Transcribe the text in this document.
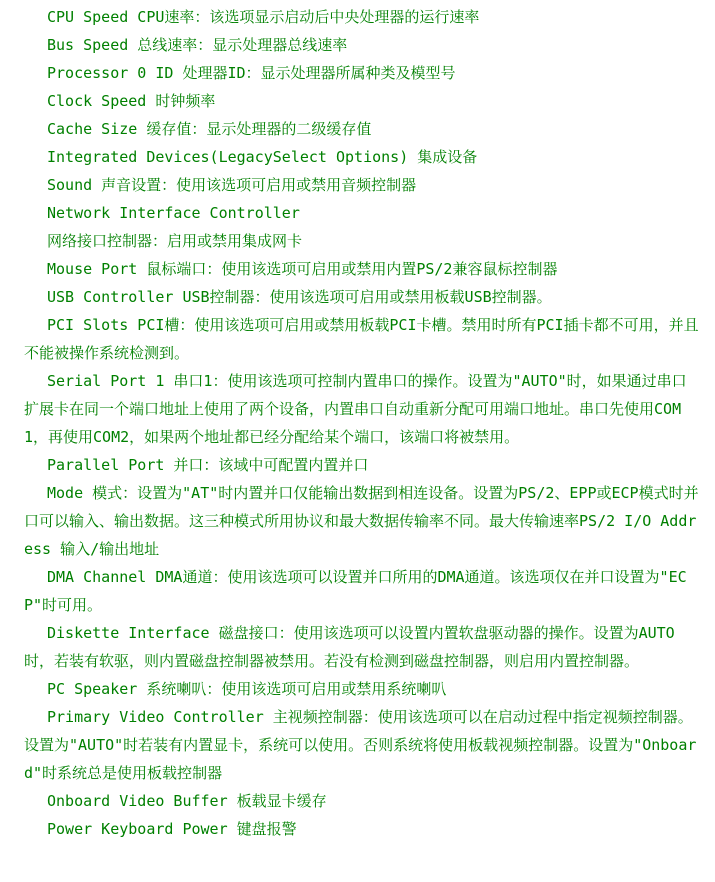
CPU Speed CPU速率：该选项显示启动后中央处理器的运行速率

Bus Speed 总线速率：显示处理器总线速率

Processor 0 ID 处理器ID：显示处理器所属种类及模型号

Clock Speed 时钟频率

Cache Size 缓存值：显示处理器的二级缓存值

Integrated Devices(LegacySelect Options) 集成设备

Sound 声音设置：使用该选项可启用或禁用音频控制器

Network Interface Controller

网络接口控制器：启用或禁用集成网卡

Mouse Port 鼠标端口：使用该选项可启用或禁用内置PS/2兼容鼠标控制器

USB Controller USB控制器：使用该选项可启用或禁用板载USB控制器。

PCI Slots PCI槽：使用该选项可启用或禁用板载PCI卡槽。禁用时所有PCI插卡都不可用，并且不能被操作系统检测到。

Serial Port 1 串口1：使用该选项可控制内置串口的操作。设置为"AUTO"时，如果通过串口扩展卡在同一个端口地址上使用了两个设备，内置串口自动重新分配可用端口地址。串口先使用COM1，再使用COM2，如果两个地址都已经分配给某个端口，该端口将被禁用。

Parallel Port 并口：该域中可配置内置并口

Mode 模式：设置为"AT"时内置并口仅能输出数据到相连设备。设置为PS/2、EPP或ECP模式时并口可以输入、输出数据。这三种模式所用协议和最大数据传输率不同。最大传输速率PS/2 I/O Address 输入/输出地址

DMA Channel DMA通道：使用该选项可以设置并口所用的DMA通道。该选项仅在并口设置为"ECP"时可用。

Diskette Interface 磁盘接口：使用该选项可以设置内置软盘驱动器的操作。设置为AUTO时，若装有软驱，则内置磁盘控制器被禁用。若没有检测到磁盘控制器，则启用内置控制器。

PC Speaker 系统喇叭：使用该选项可启用或禁用系统喇叭

Primary Video Controller 主视频控制器：使用该选项可以在启动过程中指定视频控制器。设置为"AUTO"时若装有内置显卡，系统可以使用。否则系统将使用板载视频控制器。设置为"Onboard"时系统总是使用板载控制器

Onboard Video Buffer 板载显卡缓存

Power Keyboard Power 键盘报警
